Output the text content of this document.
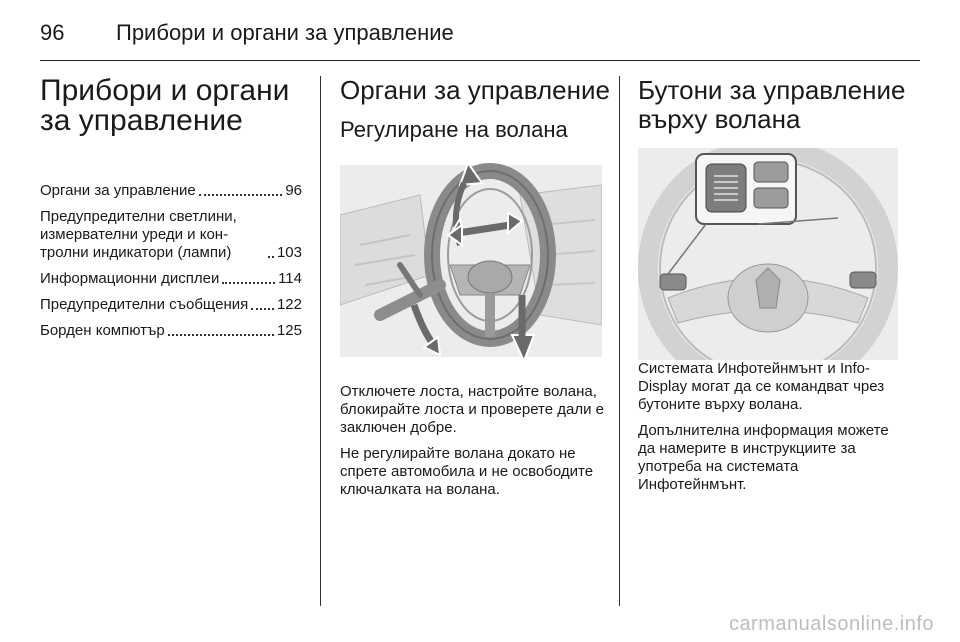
96 Прибори и органи за управление
Прибори и органи за управление
Органи за управление	96
Предупредителни светлини, измервателни уреди и кон-
тролни индикатори (лампи)	103
Информационни дисплеи	114
Предупредителни съобщения 122
Борден компютър	125
Органи за управление
Регулиране на волана

Отключете лоста, настройте волана, блокирайте лоста и проверете дали е заключен добре.

Не регулирайте волана докато не спрете автомобила и не освободите ключалката на волана.

Бутони за управление върху волана

Системата Инфотейнмънт и Info-Display могат да се командват чрез бутоните върху волана.

Допълнителна информация можете да намерите в инструкциите за употреба на системата Инфотейнмънт.

carmanualsonline.info
